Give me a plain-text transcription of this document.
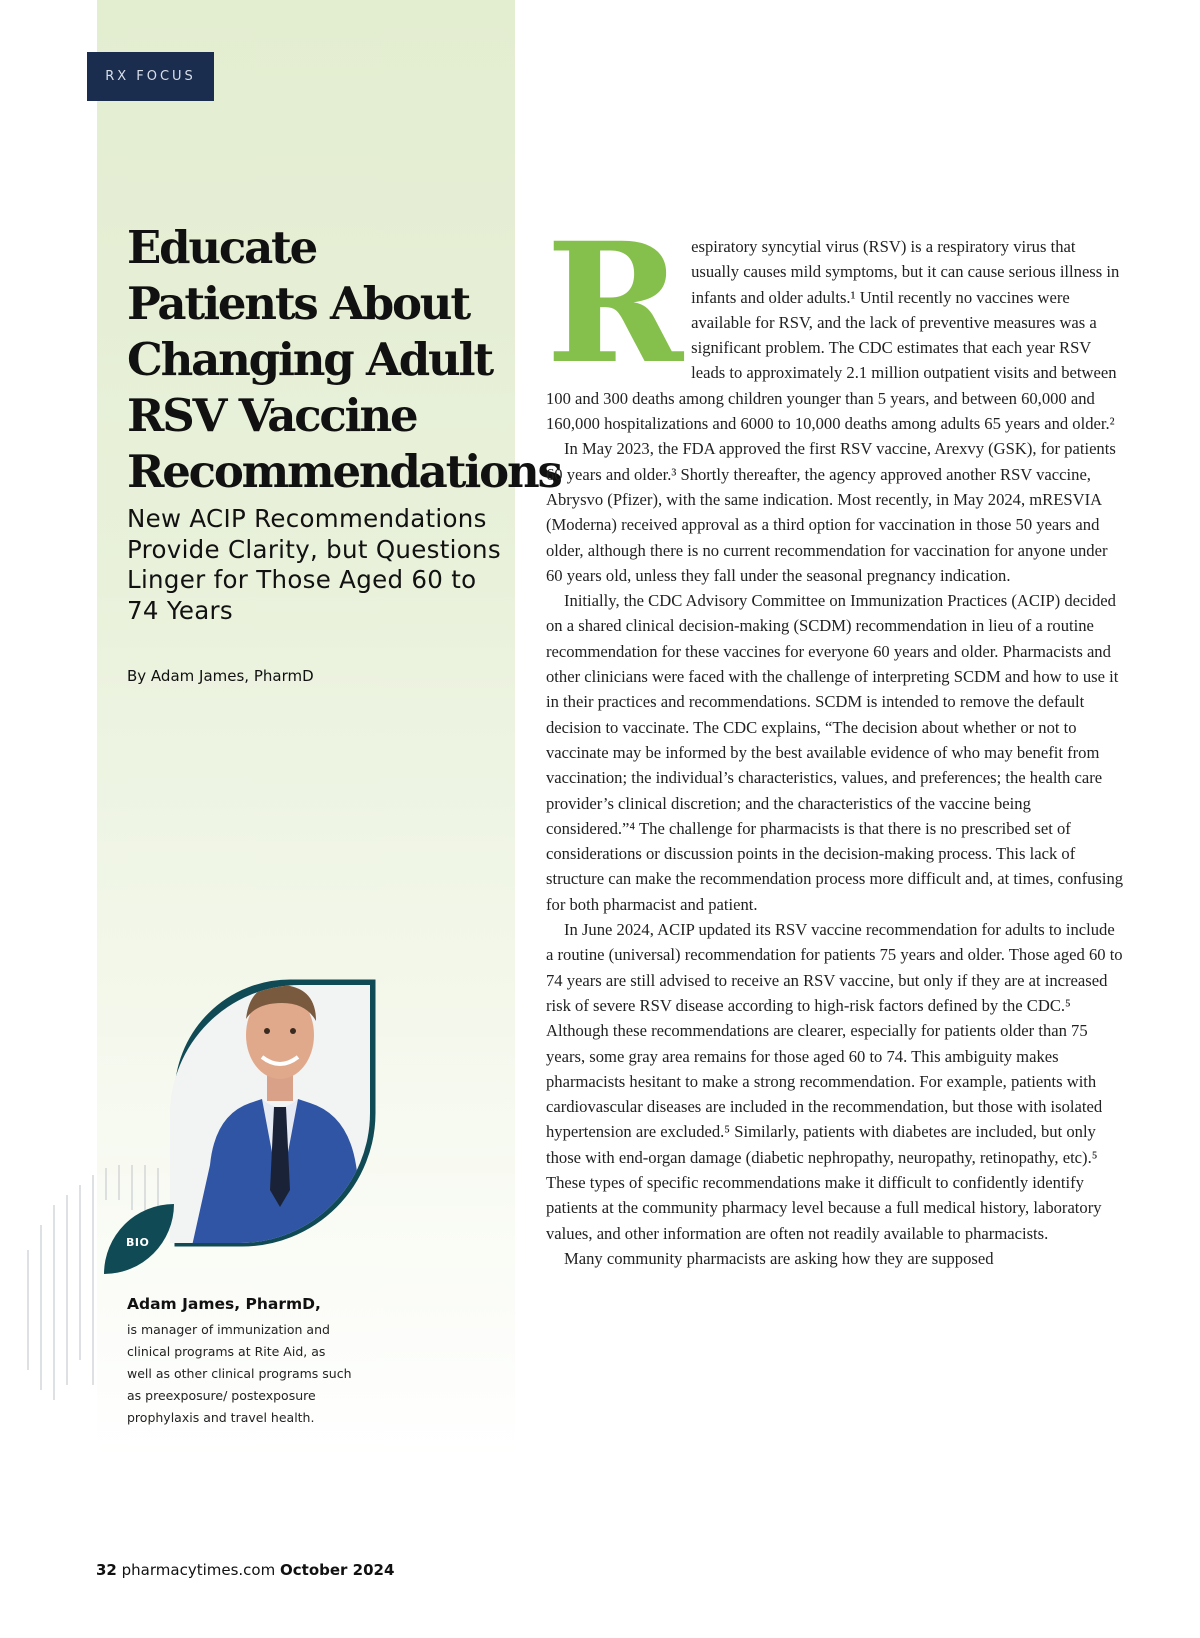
RX FOCUS
Educate Patients About Changing Adult RSV Vaccine Recommendations

New ACIP Recommendations Provide Clarity, but Questions Linger for Those Aged 60 to 74 Years

By Adam James, PharmD
BIO
Adam James, PharmD,

is manager of immunization and clinical programs at Rite Aid, as well as other clinical programs such as preexposure/ postexposure prophylaxis and travel health.

R espiratory syncytial virus (RSV) is a respiratory virus that usually causes mild symptoms, but it can cause serious illness in infants and older adults.¹ Until recently no vaccines were available for RSV, and the lack of preventive measures was a significant problem. The CDC estimates that each year RSV leads to approximately 2.1 million outpatient visits and between 100 and 300 deaths among children younger than 5 years, and between 60,000 and 160,000 hospitalizations and 6000 to 10,000 deaths among adults 65 years and older.²

In May 2023, the FDA approved the first RSV vaccine, Arexvy (GSK), for patients 60 years and older.³ Shortly thereafter, the agency approved another RSV vaccine, Abrysvo (Pfizer), with the same indication. Most recently, in May 2024, mRESVIA (Moderna) received approval as a third option for vaccination in those 50 years and older, although there is no current recommendation for vaccination for anyone under 60 years old, unless they fall under the seasonal pregnancy indication.

Initially, the CDC Advisory Committee on Immunization Practices (ACIP) decided on a shared clinical decision-making (SCDM) recommendation in lieu of a routine recommendation for these vaccines for everyone 60 years and older. Pharmacists and other clinicians were faced with the challenge of interpreting SCDM and how to use it in their practices and recommendations. SCDM is intended to remove the default decision to vaccinate. The CDC explains, “The decision about whether or not to vaccinate may be informed by the best available evidence of who may benefit from vaccination; the individual’s characteristics, values, and preferences; the health care provider’s clinical discretion; and the characteristics of the vaccine being considered.”⁴ The challenge for pharmacists is that there is no prescribed set of considerations or discussion points in the decision-making process. This lack of structure can make the recommendation process more difficult and, at times, confusing for both pharmacist and patient.

In June 2024, ACIP updated its RSV vaccine recommendation for adults to include a routine (universal) recommendation for patients 75 years and older. Those aged 60 to 74 years are still advised to receive an RSV vaccine, but only if they are at increased risk of severe RSV disease according to high-risk factors defined by the CDC.⁵ Although these recommendations are clearer, especially for patients older than 75 years, some gray area remains for those aged 60 to 74. This ambiguity makes pharmacists hesitant to make a strong recommendation. For example, patients with cardiovascular diseases are included in the recommendation, but those with isolated hypertension are excluded.⁵ Similarly, patients with diabetes are included, but only those with end-organ damage (diabetic nephropathy, neuropathy, retinopathy, etc).⁵ These types of specific recommendations make it difficult to confidently identify patients at the community pharmacy level because a full medical history, laboratory values, and other information are often not readily available to pharmacists.

Many community pharmacists are asking how they are supposed

32 pharmacytimes.com October 2024
